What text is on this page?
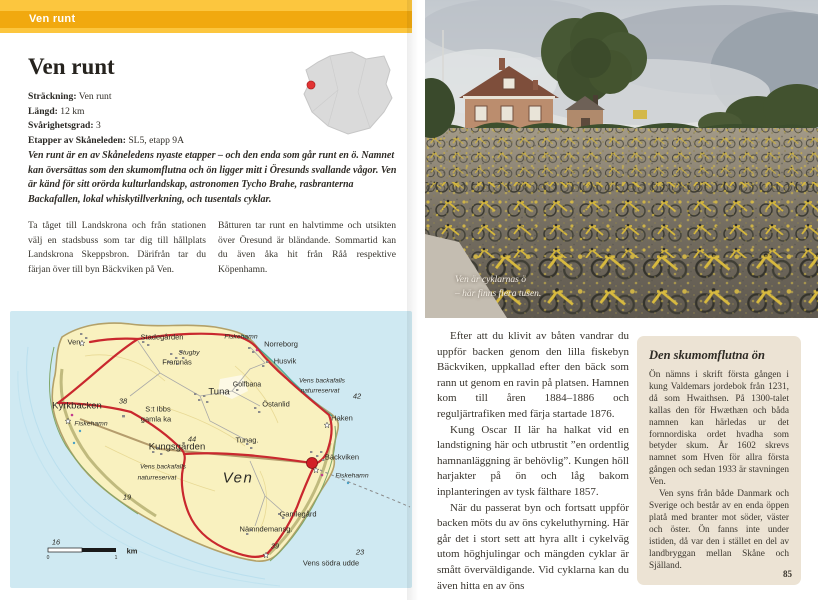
Ven runt
Ven runt
Sträckning: Ven runt
Längd: 12 km
Svårighetsgrad: 3
Etapper av Skåneleden: SL5, etapp 9A

Ven runt är en av Skåneledens nyaste etapper – och den enda som går runt en ö. Namnet kan översättas som den skumomflutna och ön ligger mitt i Öresunds svallande vågor. Ven är känd för sitt orörda kulturlandskap, astronomen Tycho Brahe, rasbranterna Backafallen, lokal whiskytillverkning, och tusentals cyklar.

Ta tåget till Landskrona och från stationen välj en stadsbuss som tar dig till hållplats Landskrona Skeppsbron. Därifrån tar du färjan över till byn Bäckviken på Ven.

Båtturen tar runt en halvtimme och utsikten över Öresund är bländande. Sommartid kan du även åka hit från Råå respektive Köpenhamn.

Ven
Stadegården	Fiskehamn
Norreborg
Husvik
Stugby
Framnäs
Golfbana
Tuna
Östanlid
Vens backafalls
naturreservat
S:t Ibbs
gamla ka
Kyrkbacken
Fiskehamn
Kungsgården
Tunag.
Bäckviken
Fiskehamn
Haken
Gamlegård
Nämndemansg.
Ven
Vens backafalls
naturreservat
Vens södra udde
38
44
39
42
19
16
23
km
0	1
Ven är cyklarnas ö
– här finns flera tusen.

Efter att du klivit av båten vandrar du uppför backen genom den lilla fiskebyn Bäckviken, uppkallad efter den bäck som rann ut genom en ravin på platsen. Hamnen kom till åren 1884–1886 och reguljärtrafiken med färja startade 1876.

Kung Oscar II lär ha halkat vid en landstigning här och utbrustit ”en ordentlig hamnanläggning är behövlig”. Kungen höll harjakter på ön och låg bakom inplanteringen av tysk fälthare 1857.

När du passerat byn och fortsatt uppför backen möts du av öns cykeluthyrning. Här går det i stort sett att hyra allt i cykelväg utom höghjulingar och mängden cyklar är smått överväldigande. Vid cyklarna kan du även hitta en av öns

Den skumomflutna ön

Ön nämns i skrift första gången i kung Valdemars jordebok från 1231, då som Hwaithsen. På 1300-talet kallas den för Hwæthæn och båda namnen kan härledas ur det fornnordiska ordet hvadha som betyder skum. År 1602 skrevs namnet som Hven för allra första gången och sedan 1933 är stavningen Ven.

Ven syns från både Danmark och Sverige och består av en enda öppen platå med branter mot söder, väster och öster. Ön fanns inte under istiden, då var den i stället en del av landbryggan mellan Skåne och Själland.

85
